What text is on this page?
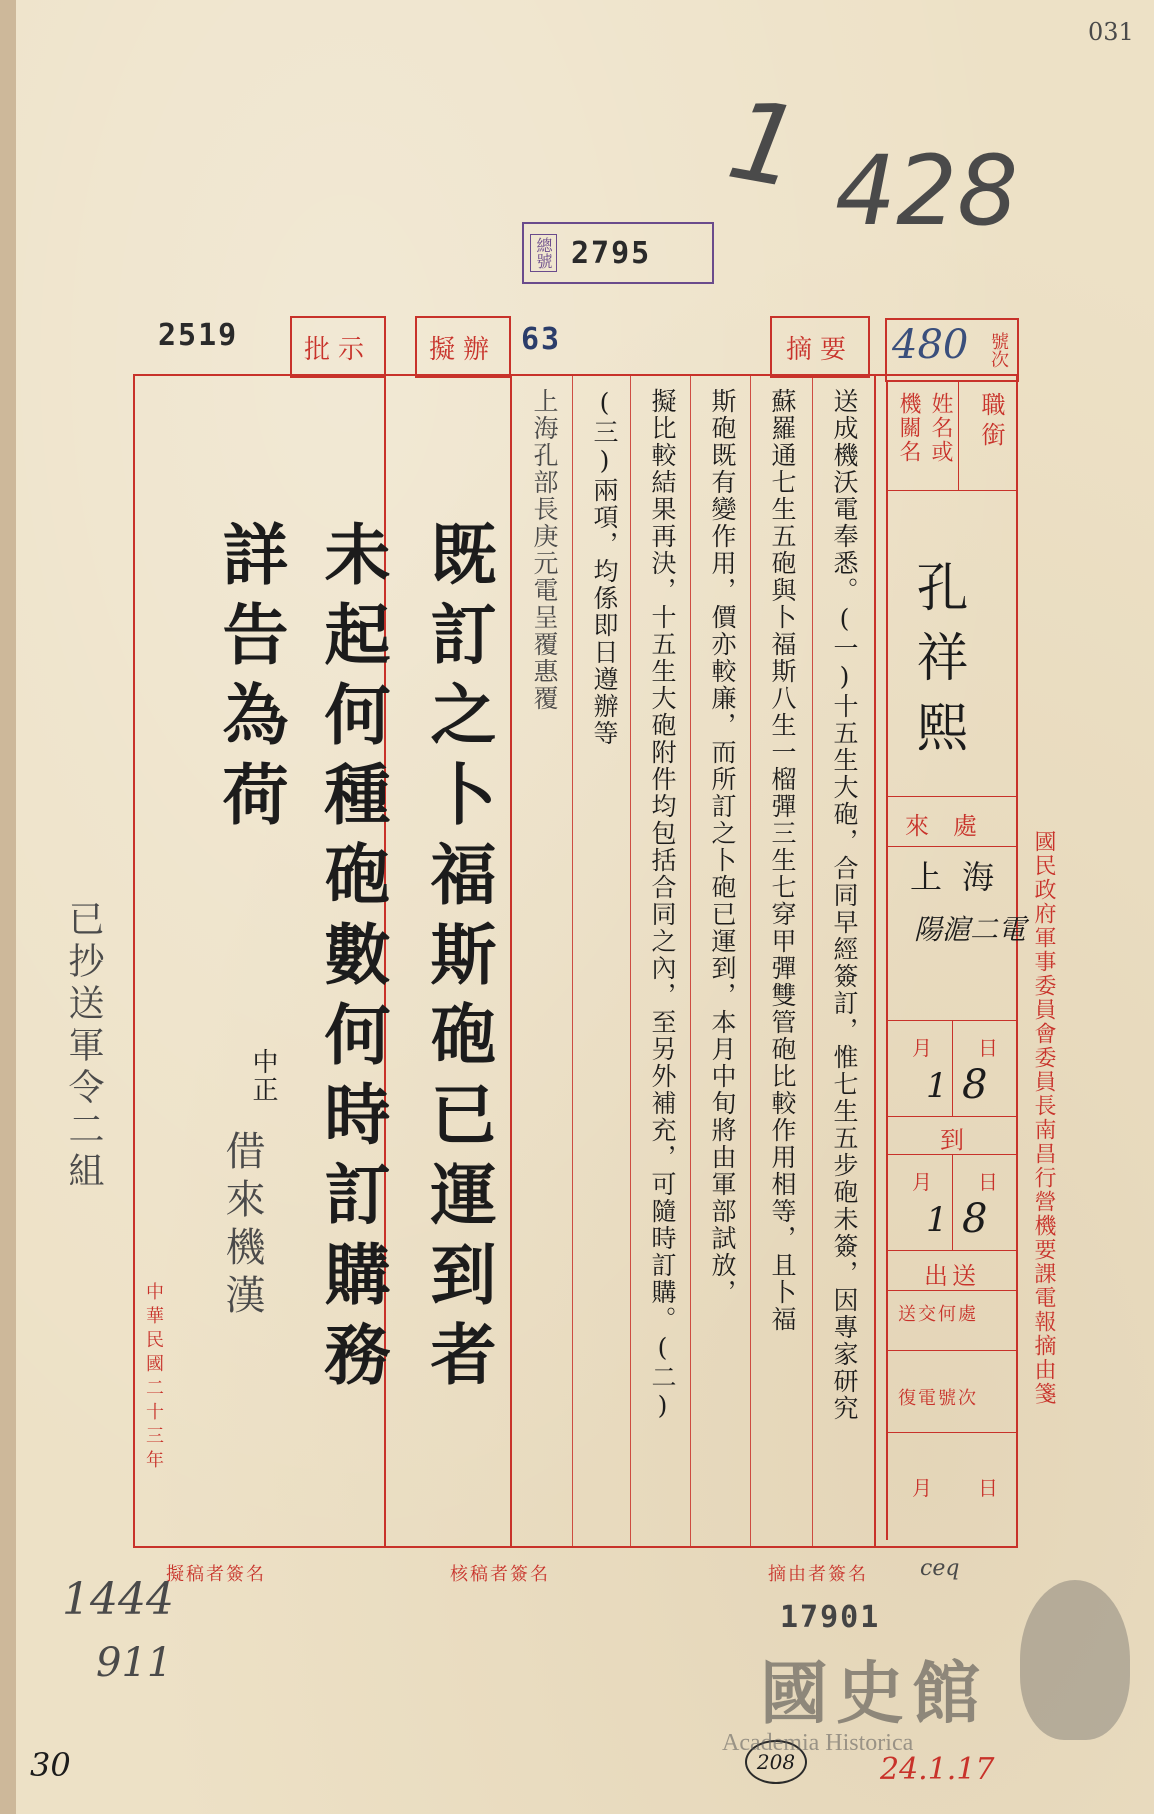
031
1 428
總號 2795
2519	63
批示 擬辦	摘要	號次
480
職銜
姓名或機關名
孔祥熙
來處
上海
陽滬二電
月 日
1 8
到
月 日
1 8
出送
送交何處
復電號次
月 日
國民政府軍事委員會委員長南昌行營機要課電報摘由箋
送成機沃電奉悉。(一)十五生大砲，合同早經簽訂，惟七生五步砲未簽，因專家研究
蘇羅通七生五砲與卜福斯八生一榴彈三生七穿甲彈雙管砲比較作用相等，且卜福
斯砲既有變作用，價亦較廉，而所訂之卜砲已運到，本月中旬將由軍部試放，
擬比較結果再決，十五生大砲附件均包括合同之內，至另外補充，可隨時訂購。(二)
(三)兩項，均係即日遵辦等
上海孔部長庚元電呈覆惠覆
既訂之卜福斯砲已運到者
未起何種砲數何時訂購務
詳告為荷
中正
借來機漢
已抄送軍令二組
中華民國二十三年
擬稿者簽名	核稿者簽名	摘由者簽名 ceq
17901
1444
911
30	208	24.1.17
國史館
Academia Historica
